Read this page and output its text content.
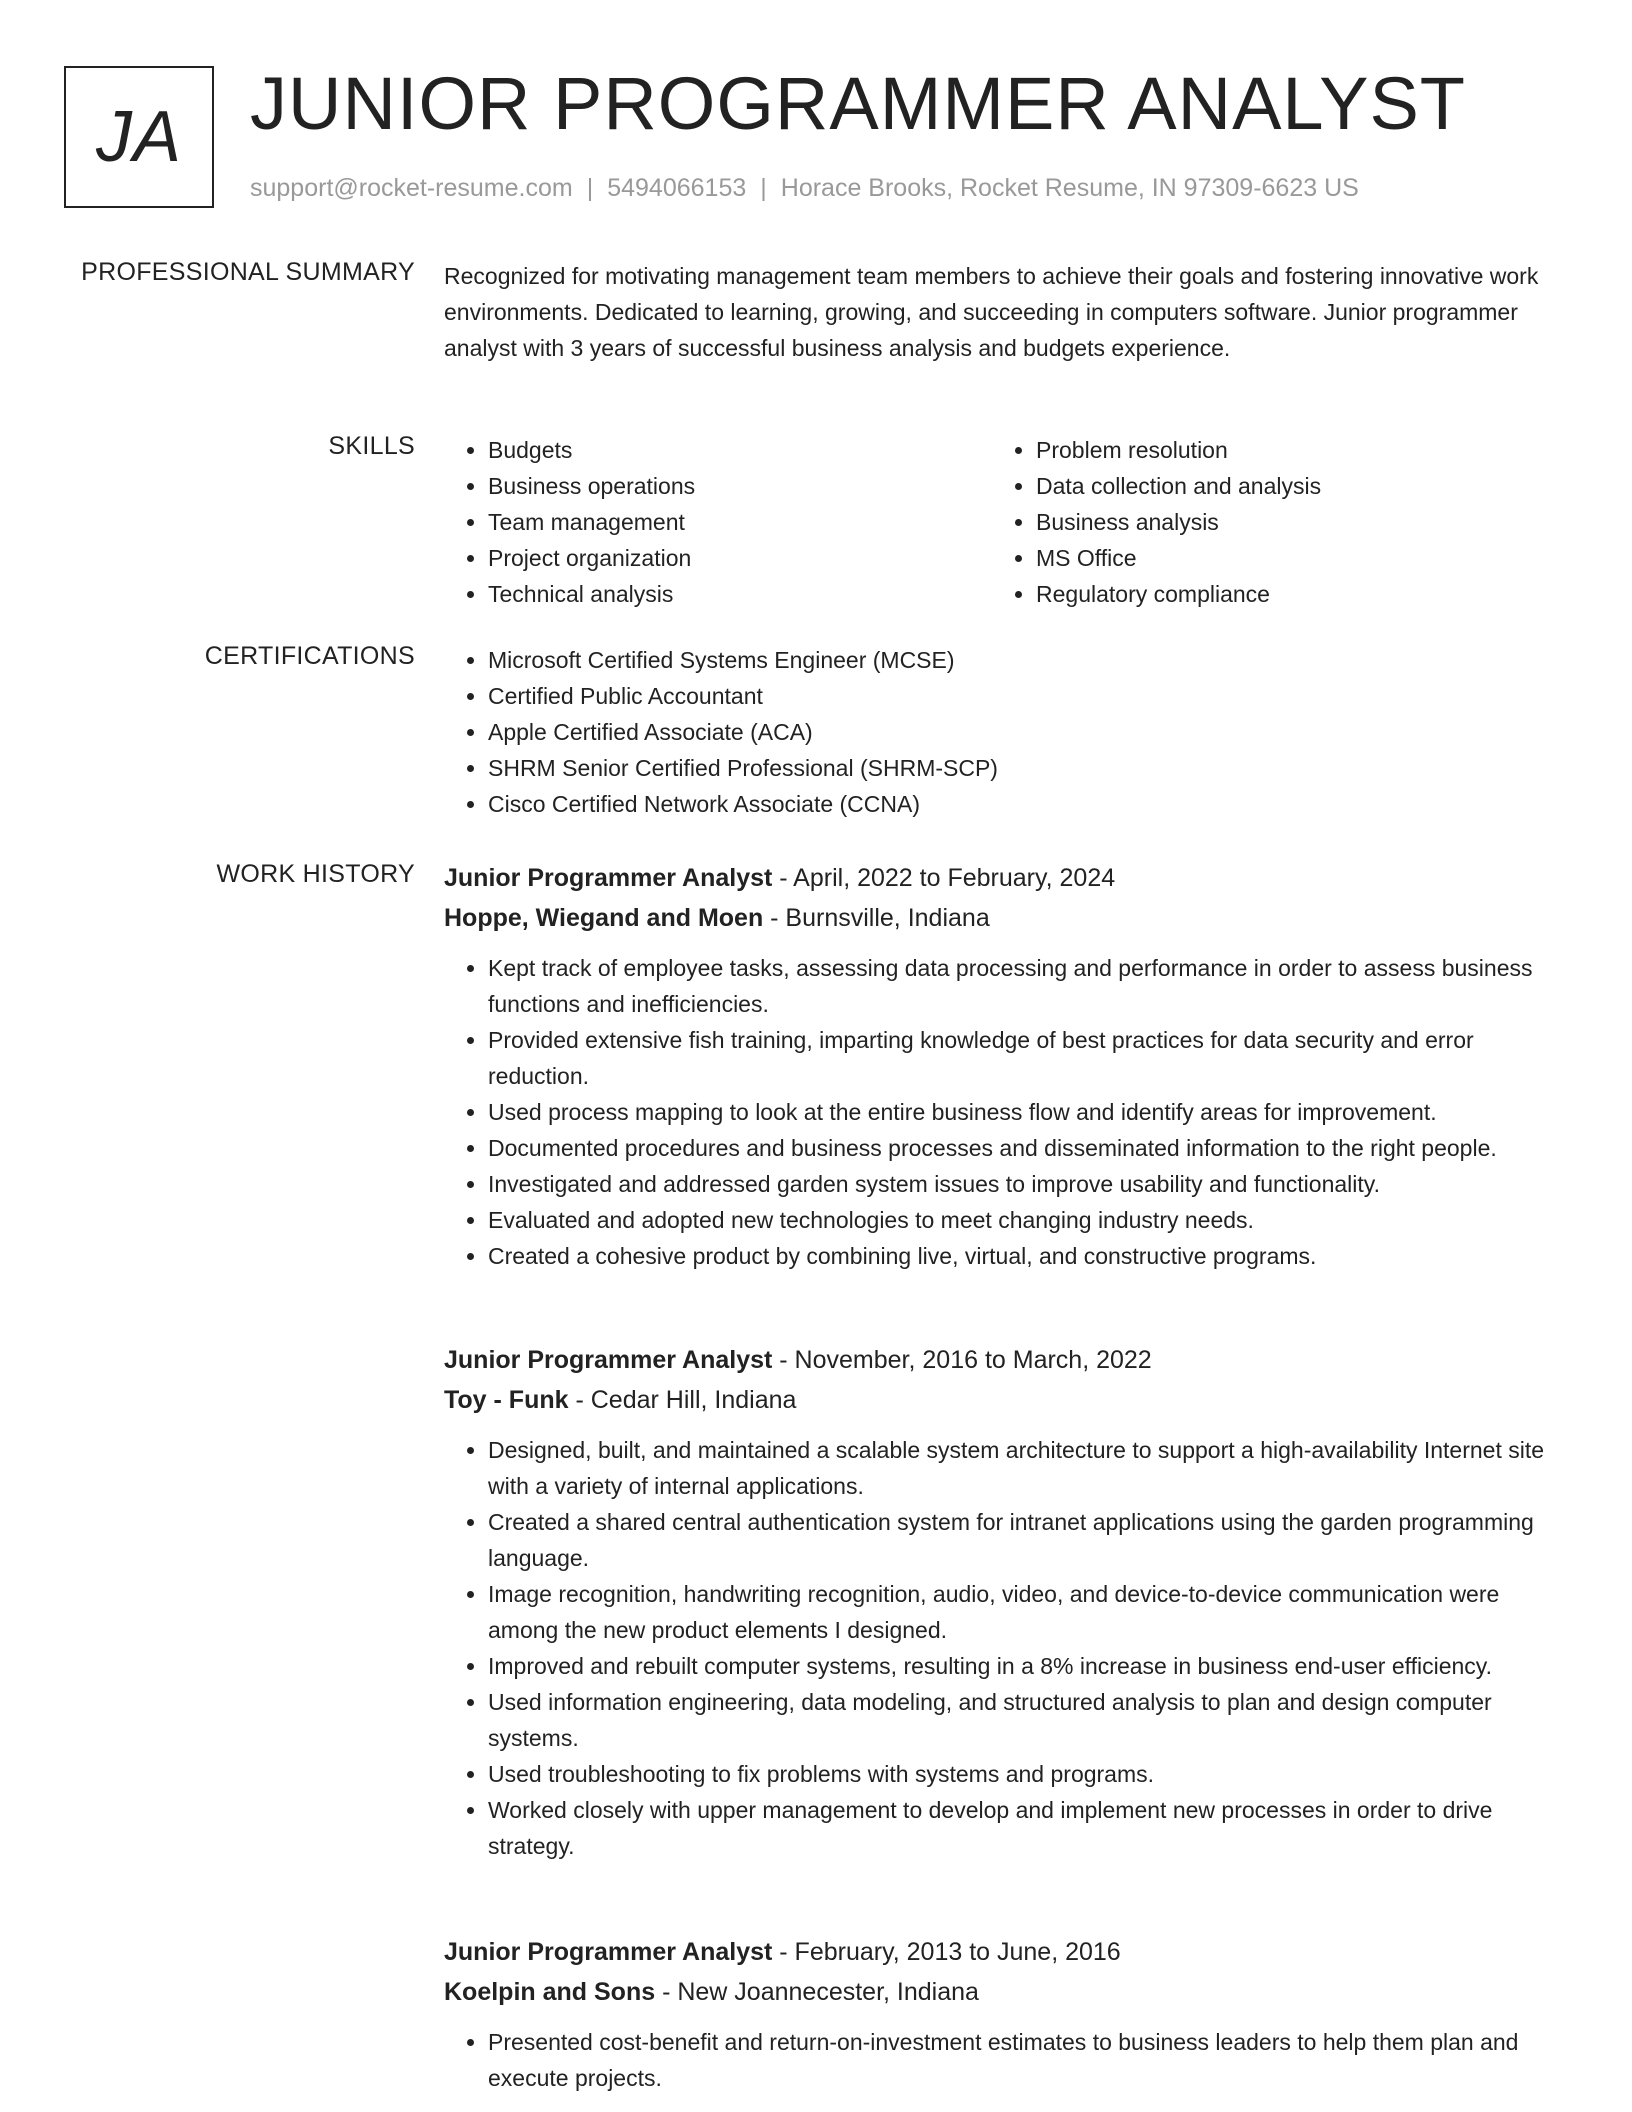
JA JUNIOR PROGRAMMER ANALYST
support@rocket-resume.com | 5494066153 | Horace Brooks, Rocket Resume, IN 97309-6623 US
PROFESSIONAL SUMMARY Recognized for motivating management team members to achieve their goals and fostering innovative work environments. Dedicated to learning, growing, and succeeding in computers software. Junior programmer analyst with 3 years of successful business analysis and budgets experience.
SKILLS	• Budgets
• Business operations
• Team management
• Project organization
• Technical analysis
• Problem resolution
• Data collection and analysis
• Business analysis
• MS Office
• Regulatory compliance
CERTIFICATIONS	• Microsoft Certified Systems Engineer (MCSE)
• Certified Public Accountant
• Apple Certified Associate (ACA)
• SHRM Senior Certified Professional (SHRM-SCP)
• Cisco Certified Network Associate (CCNA)
WORK HISTORY Junior Programmer Analyst - April, 2022 to February, 2024
Hoppe, Wiegand and Moen - Burnsville, Indiana
• Kept track of employee tasks, assessing data processing and performance in order to assess business functions and inefficiencies.
• Provided extensive fish training, imparting knowledge of best practices for data security and error reduction.
• Used process mapping to look at the entire business flow and identify areas for improvement.
• Documented procedures and business processes and disseminated information to the right people.
• Investigated and addressed garden system issues to improve usability and functionality.
• Evaluated and adopted new technologies to meet changing industry needs.
• Created a cohesive product by combining live, virtual, and constructive programs.
Junior Programmer Analyst - November, 2016 to March, 2022
Toy - Funk - Cedar Hill, Indiana
• Designed, built, and maintained a scalable system architecture to support a high-availability Internet site with a variety of internal applications.
• Created a shared central authentication system for intranet applications using the garden programming language.
• Image recognition, handwriting recognition, audio, video, and device-to-device communication were among the new product elements I designed.
• Improved and rebuilt computer systems, resulting in a 8% increase in business end-user efficiency.
• Used information engineering, data modeling, and structured analysis to plan and design computer systems.
• Used troubleshooting to fix problems with systems and programs.
• Worked closely with upper management to develop and implement new processes in order to drive strategy.
Junior Programmer Analyst - February, 2013 to June, 2016
Koelpin and Sons - New Joannecester, Indiana
• Presented cost-benefit and return-on-investment estimates to business leaders to help them plan and execute projects.
